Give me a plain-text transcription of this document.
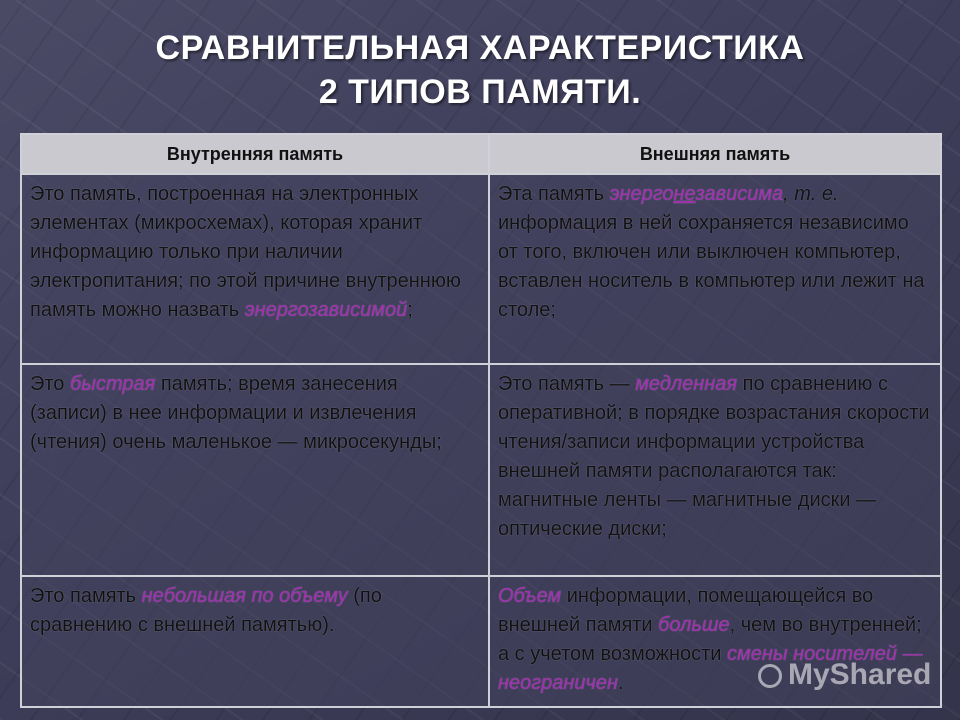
СРАВНИТЕЛЬНАЯ ХАРАКТЕРИСТИКА
2 ТИПОВ ПАМЯТИ.
Внутренняя память	Внешняя память
Это память, построенная на электронных элементах (микросхемах), которая хранит информацию только при наличии электропитания; по этой причине внутреннюю память можно назвать энергозависимой;	Эта память энергонезависима, т. е. информация в ней сохраняется независимо от того, включен или выключен компьютер, вставлен носитель в компьютер или лежит на столе;
Это быстрая память; время занесения (записи) в нее информации и извлечения (чтения) очень маленькое — микросекунды;	Это память — медленная по сравнению с оперативной; в порядке возрастания скорости чтения/записи информации устройства внешней памяти располагаются так: магнитные ленты — магнитные диски — оптические диски;
Это память небольшая по объему (по сравнению с внешней памятью).	Объем информации, помещающейся во внешней памяти больше, чем во внутренней; а с учетом возможности смены носителей — неограничен.	MyShared
